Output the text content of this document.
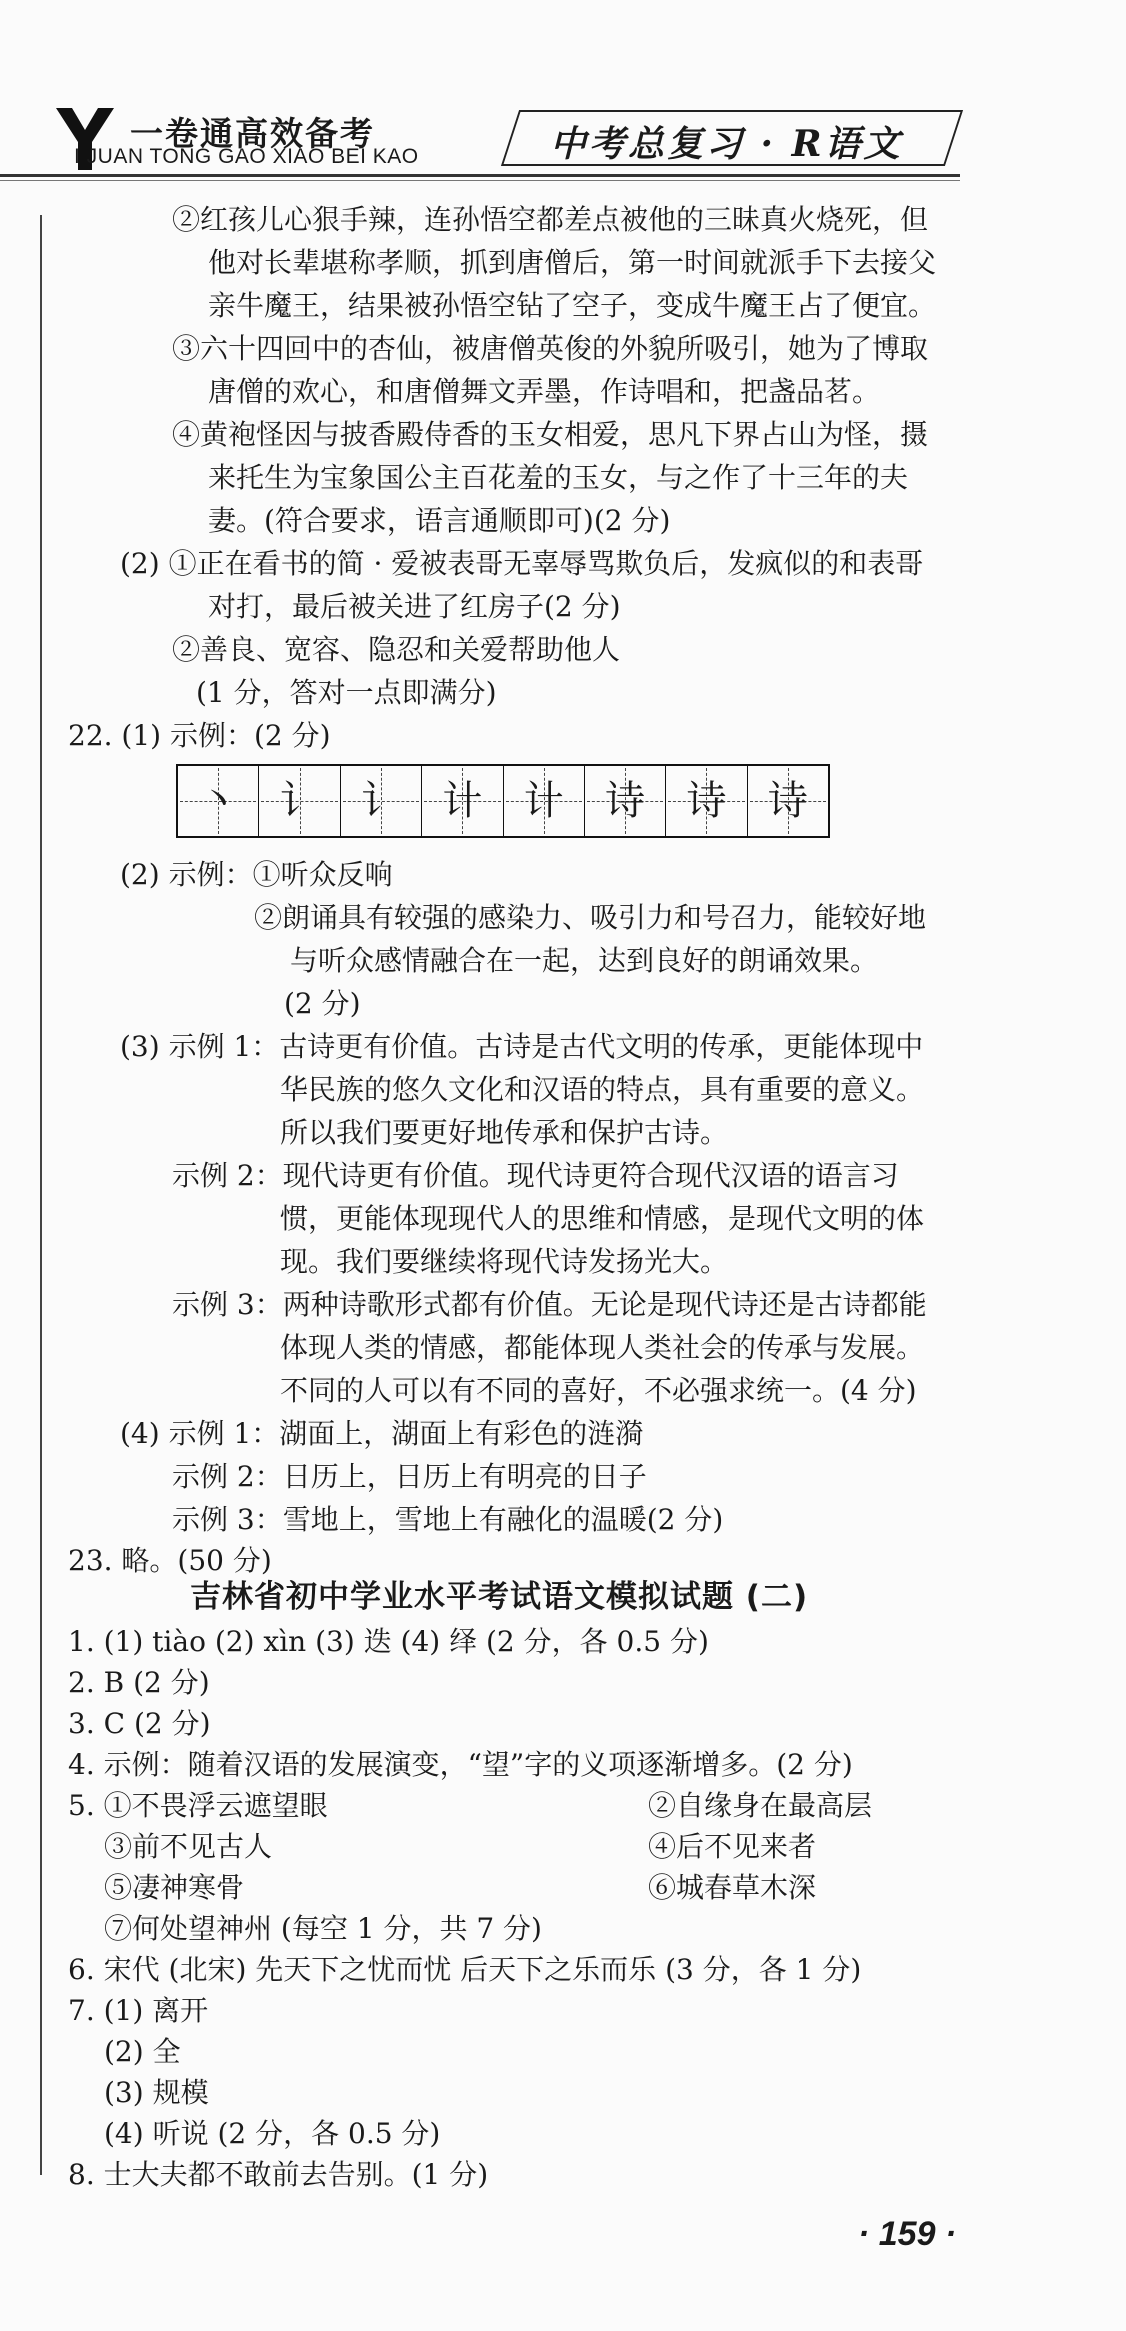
一卷通高效备考
I JUAN TONG GAO XIAO BEI KAO	中考总复习 · R语文
②红孩儿心狠手辣，连孙悟空都差点被他的三昧真火烧死，但
他对长辈堪称孝顺，抓到唐僧后，第一时间就派手下去接父
亲牛魔王，结果被孙悟空钻了空子，变成牛魔王占了便宜。
③六十四回中的杏仙，被唐僧英俊的外貌所吸引，她为了博取
唐僧的欢心，和唐僧舞文弄墨，作诗唱和，把盏品茗。
④黄袍怪因与披香殿侍香的玉女相爱，思凡下界占山为怪，摄
来托生为宝象国公主百花羞的玉女，与之作了十三年的夫
妻。(符合要求，语言通顺即可)(2 分)
(2) ①正在看书的简 · 爱被表哥无辜辱骂欺负后，发疯似的和表哥
对打，最后被关进了红房子(2 分)
②善良、宽容、隐忍和关爱帮助他人
(1 分，答对一点即满分)
22. (1) 示例：(2 分)
(2) 示例：①听众反响
②朗诵具有较强的感染力、吸引力和号召力，能较好地
与听众感情融合在一起，达到良好的朗诵效果。
(2 分)
(3) 示例 1：古诗更有价值。古诗是古代文明的传承，更能体现中
华民族的悠久文化和汉语的特点，具有重要的意义。
所以我们要更好地传承和保护古诗。
示例 2：现代诗更有价值。现代诗更符合现代汉语的语言习
惯，更能体现现代人的思维和情感，是现代文明的体
现。我们要继续将现代诗发扬光大。
示例 3：两种诗歌形式都有价值。无论是现代诗还是古诗都能
体现人类的情感，都能体现人类社会的传承与发展。
不同的人可以有不同的喜好，不必强求统一。(4 分)
(4) 示例 1：湖面上，湖面上有彩色的涟漪
示例 2：日历上，日历上有明亮的日子
示例 3：雪地上，雪地上有融化的温暖(2 分)
23. 略。(50 分)
1. (1) tiào (2) xìn (3) 迭 (4) 绎 (2 分，各 0.5 分)
2. B (2 分)
3. C (2 分)
4. 示例：随着汉语的发展演变，“望”字的义项逐渐增多。(2 分)
5. ①不畏浮云遮望眼	②自缘身在最高层
③前不见古人	④后不见来者
⑤凄神寒骨	⑥城春草木深
⑦何处望神州 (每空 1 分，共 7 分)
6. 宋代 (北宋) 先天下之忧而忧 后天下之乐而乐 (3 分，各 1 分)
7. (1) 离开
(2) 全
(3) 规模
(4) 听说 (2 分，各 0.5 分)
8. 士大夫都不敢前去告别。(1 分)
丶	讠	讠	计	计	诗	诗	诗
吉林省初中学业水平考试语文模拟试题 (二)
· 159 ·
